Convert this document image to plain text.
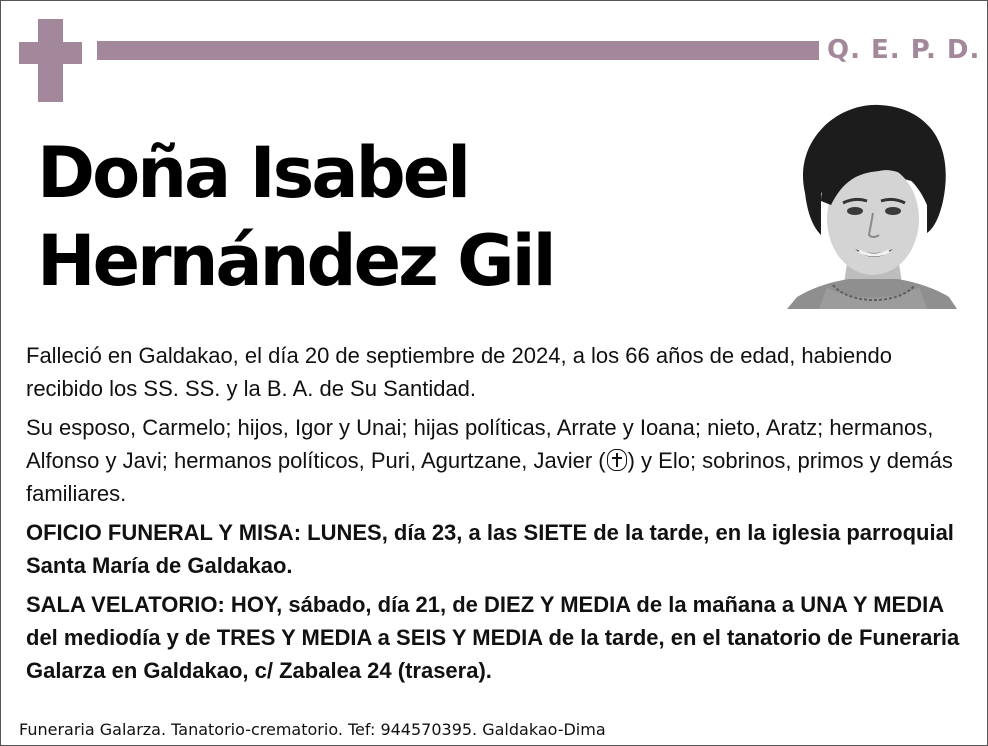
Q. E. P. D.
Doña Isabel
Hernández Gil

Falleció en Galdakao, el día 20 de septiembre de 2024, a los 66 años de edad, habiendo recibido los SS. SS. y la B. A. de Su Santidad.

Su esposo, Carmelo; hijos, Igor y Unai; hijas políticas, Arrate y Ioana; nieto, Aratz; hermanos, Alfonso y Javi; hermanos políticos, Puri, Agurtzane, Javier ( ) y Elo; sobrinos, primos y demás familiares.

OFICIO FUNERAL Y MISA: LUNES, día 23, a las SIETE de la tarde, en la iglesia parroquial Santa María de Galdakao.

SALA VELATORIO: HOY, sábado, día 21, de DIEZ Y MEDIA de la mañana a UNA Y MEDIA del mediodía y de TRES Y MEDIA a SEIS Y MEDIA de la tarde, en el tanatorio de Funeraria Galarza en Galdakao, c/ Zabalea 24 (trasera).

Funeraria Galarza. Tanatorio-crematorio. Tef: 944570395. Galdakao-Dima
